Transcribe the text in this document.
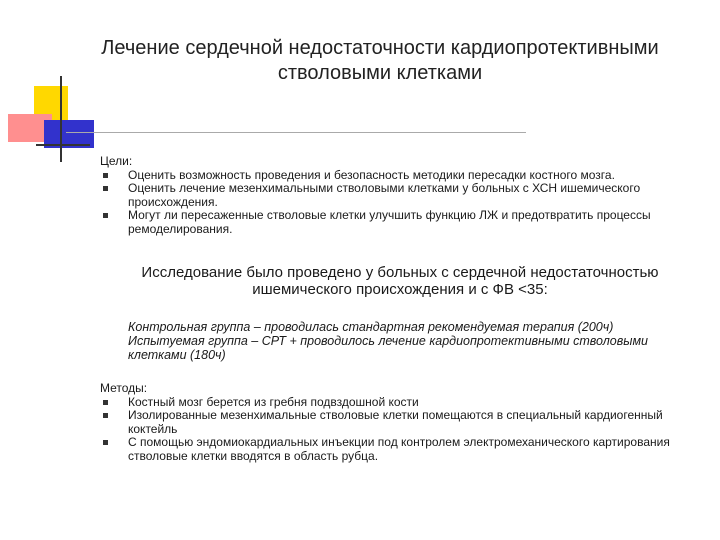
Лечение сердечной недостаточности кардиопротективными стволовыми клетками

Цели:

Оценить возможность проведения и безопасность методики пересадки костного мозга.
Оценить лечение мезенхимальными стволовыми клетками у больных с ХСН ишемического происхождения.
Могут ли пересаженные стволовые клетки улучшить функцию ЛЖ и предотвратить процессы ремоделирования.
Исследование было проведено у больных с сердечной недостаточностью ишемического происхождения и с ФВ <35:

Контрольная группа – проводилась стандартная рекомендуемая терапия (200ч)

Испытуемая группа – СРТ + проводилось лечение кардиопротективными стволовыми клетками (180ч)

Методы:

Костный мозг берется из гребня подвздошной кости
Изолированные мезенхимальные стволовые клетки помещаются в специальный кардиогенный коктейль
С помощью эндомиокардиальных инъекции под контролем электромеханического картирования стволовые клетки вводятся в область рубца.
